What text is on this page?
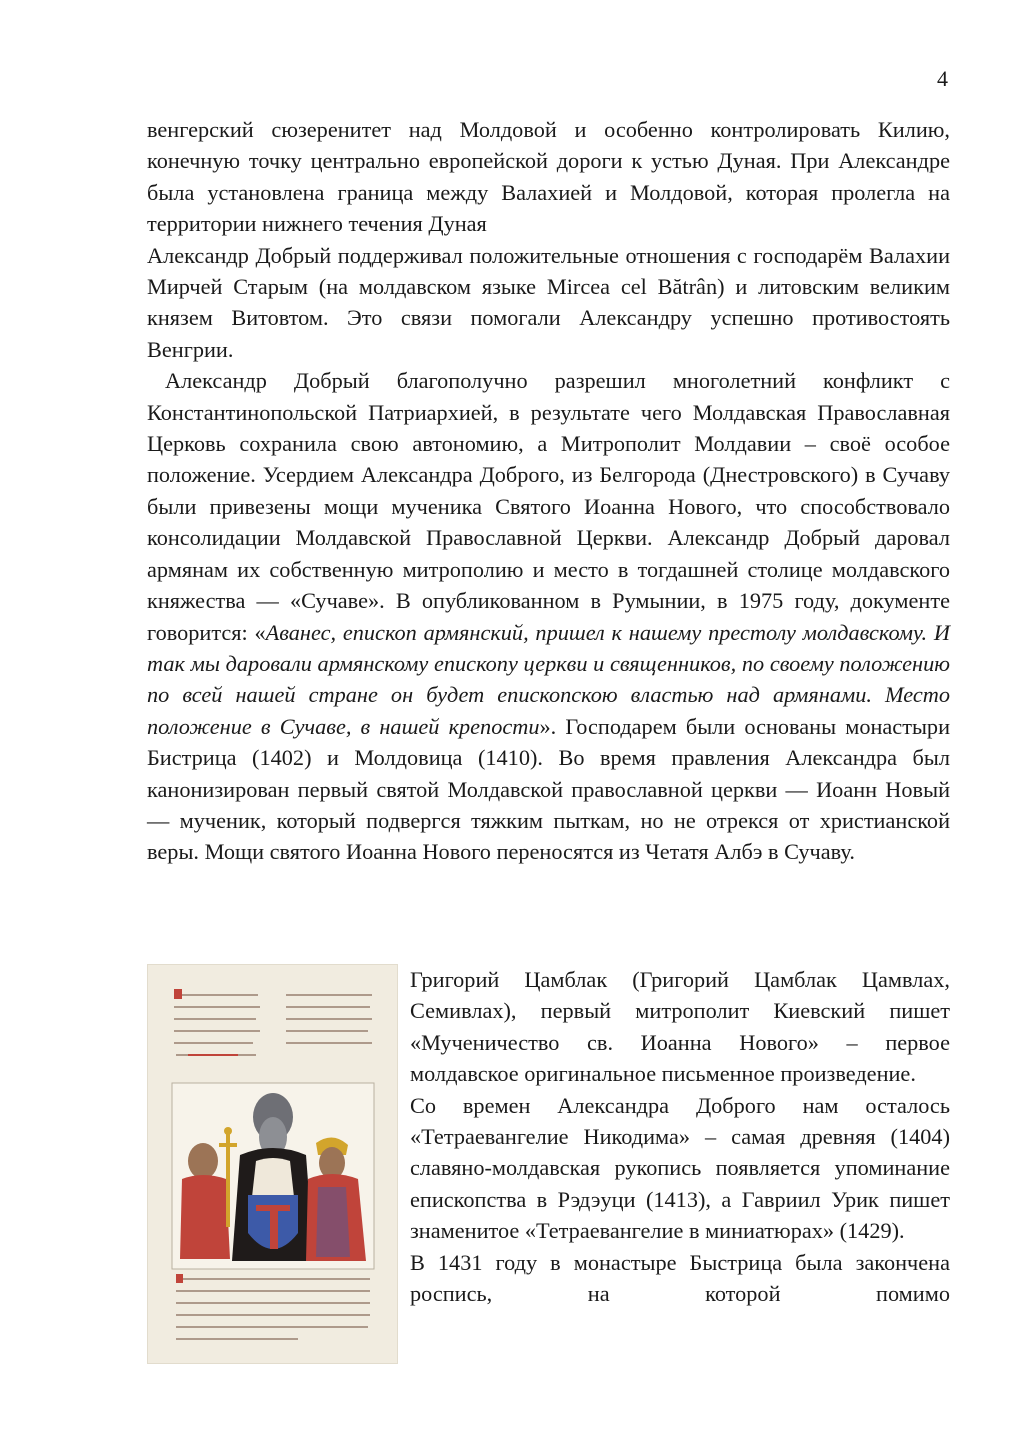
4

венгерский сюзеренитет над Молдовой и особенно контролировать Килию, конечную точку центрально европейской дороги к устью Дуная. При Александре была установлена граница между Валахией и Молдовой, которая пролегла на территории нижнего течения Дуная

Александр Добрый поддерживал положительные отношения с господарём Валахии Мирчей Старым (на молдавском языке Mircea cel Bătrân) и литовским великим князем Витовтом. Это связи помогали Александру успешно противостоять Венгрии.

Александр Добрый благополучно разрешил многолетний конфликт с Константинопольской Патриархией, в результате чего Молдавская Православная Церковь сохранила свою автономию, а Митрополит Молдавии – своё особое положение. Усердием Александра Доброго, из Белгорода (Днестровского) в Сучаву были привезены мощи мученика Святого Иоанна Нового, что способствовало консолидации Молдавской Православной Церкви. Александр Добрый даровал армянам их собственную митрополию и место в тогдашней столице молдавского княжества — «Сучаве». В опубликованном в Румынии, в 1975 году, документе говорится: «Аванес, епископ армянский, пришел к нашему престолу молдавскому. И так мы даровали армянскому епископу церкви и священников, по своему положению по всей нашей стране он будет епископскою властью над армянами. Место положение в Сучаве, в нашей крепости». Господарем были основаны монастыри Бистрица (1402) и Молдовица (1410). Во время правления Александра был канонизирован первый святой Молдавской православной церкви — Иоанн Новый — мученик, который подвергся тяжким пыткам, но не отрекся от христианской веры. Мощи святого Иоанна Нового переносятся из Четатя Албэ в Сучаву.

Григорий Цамблак (Григорий Цамблак Цамвлах, Семивлах), первый митрополит Киевский пишет «Мученичество св. Иоанна Нового» – первое молдавское оригинальное письменное произведение.

Со времен Александра Доброго нам осталось «Тетраевангелие Никодима» – самая древняя (1404) славяно-молдавская рукопись появляется упоминание епископства в Рэдэуци (1413), а Гавриил Урик пишет знаменитое «Тетраевангелие в миниатюрах» (1429).

В 1431 году в монастыре Быстрица была закончена роспись, на которой помимо
